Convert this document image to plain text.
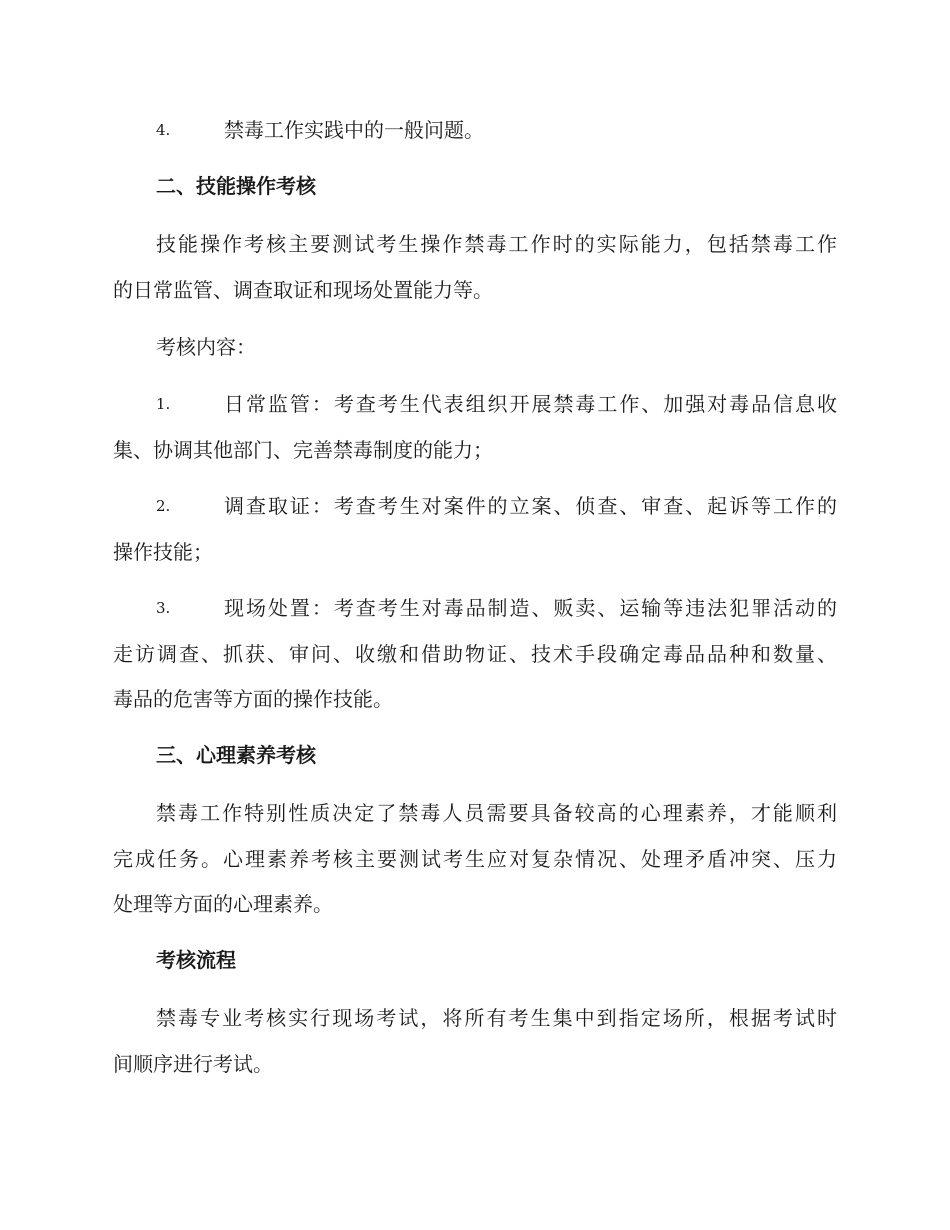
4.	禁毒工作实践中的一般问题。
二、技能操作考核
技能操作考核主要测试考生操作禁毒工作时的实际能力，包括禁毒工作
的日常监管、调查取证和现场处置能力等。
考核内容：
1.	日常监管：考查考生代表组织开展禁毒工作、加强对毒品信息收
集、协调其他部门、完善禁毒制度的能力；
2.	调查取证：考查考生对案件的立案、侦查、审查、起诉等工作的
操作技能；
3.	现场处置：考查考生对毒品制造、贩卖、运输等违法犯罪活动的
走访调查、抓获、审问、收缴和借助物证、技术手段确定毒品品种和数量、
毒品的危害等方面的操作技能。
三、心理素养考核
禁毒工作特别性质决定了禁毒人员需要具备较高的心理素养，才能顺利
完成任务。心理素养考核主要测试考生应对复杂情况、处理矛盾冲突、压力
处理等方面的心理素养。
考核流程
禁毒专业考核实行现场考试，将所有考生集中到指定场所，根据考试时
间顺序进行考试。
